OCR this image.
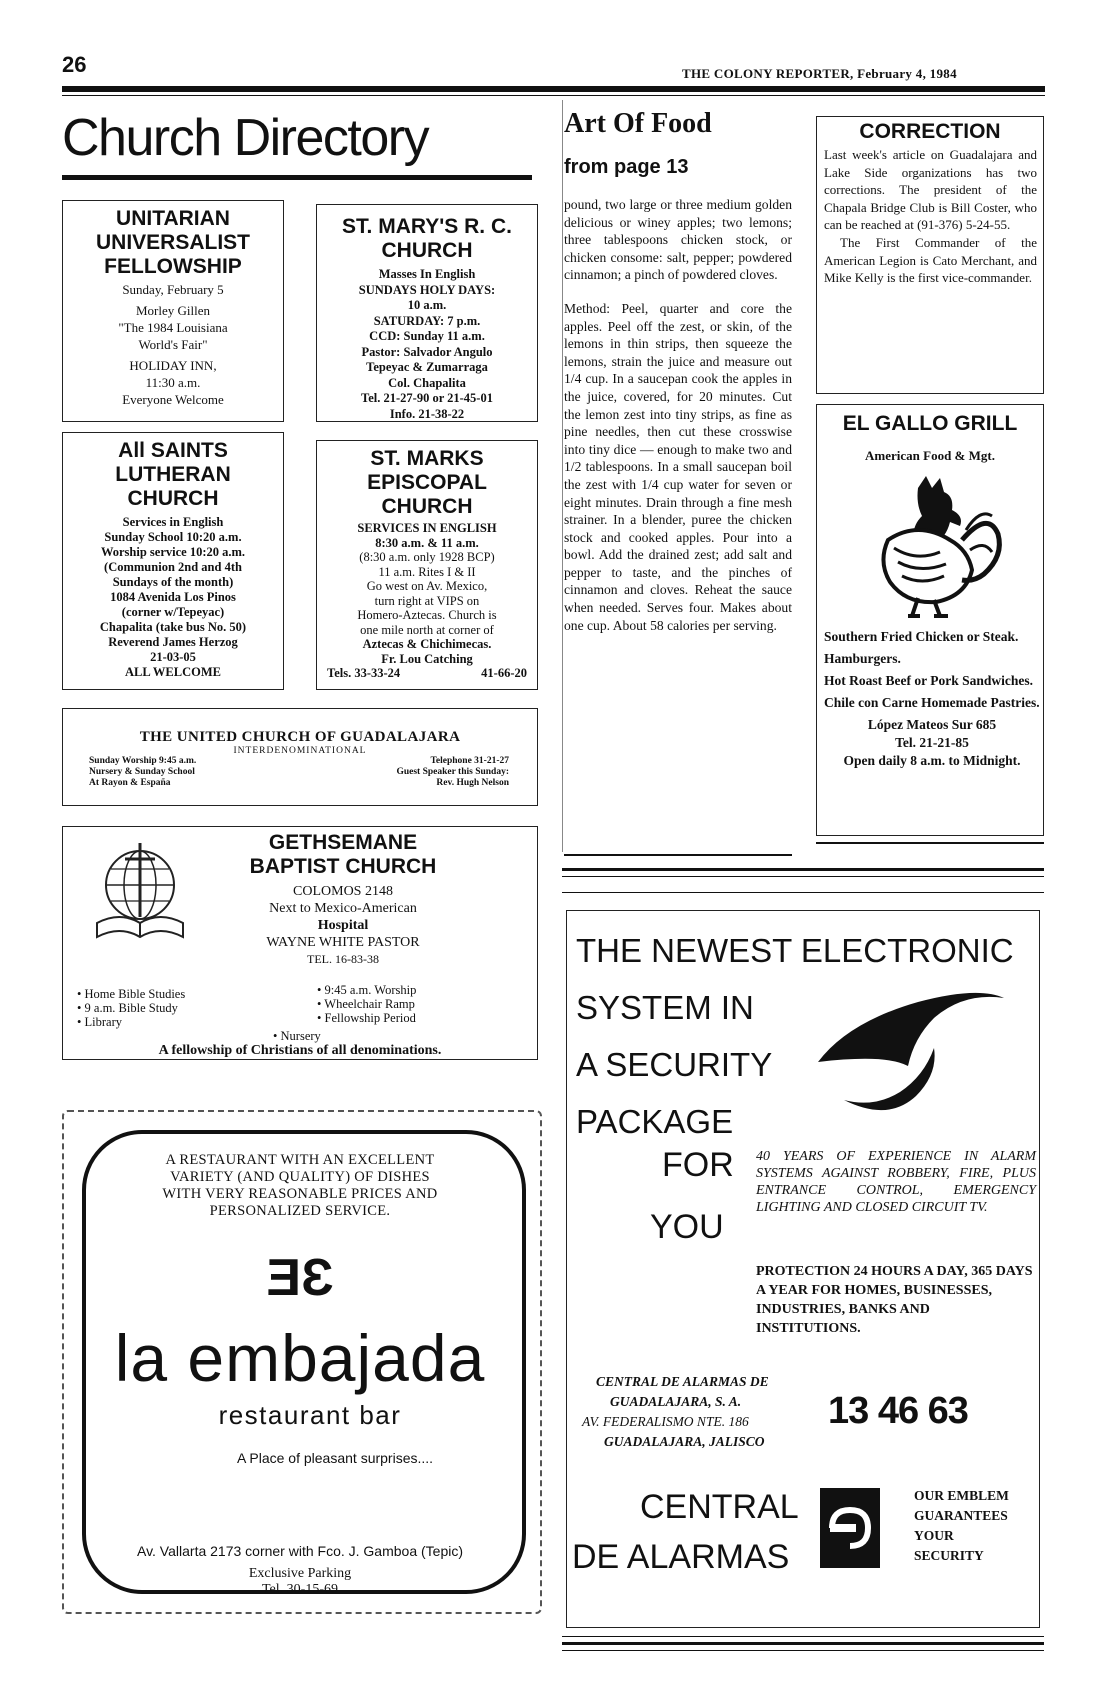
26	THE COLONY REPORTER, February 4, 1984
Church Directory
UNITARIAN
UNIVERSALIST
FELLOWSHIP
Sunday, February 5
Morley Gillen
"The 1984 Louisiana
World's Fair"
HOLIDAY INN,
11:30 a.m.
Everyone Welcome
ST. MARY'S R. C.
CHURCH
Masses In English
SUNDAYS HOLY DAYS:
10 a.m.
SATURDAY: 7 p.m.
CCD: Sunday 11 a.m.
Pastor: Salvador Angulo
Tepeyac & Zumarraga
Col. Chapalita
Tel. 21-27-90 or 21-45-01
Info. 21-38-22
All SAINTS
LUTHERAN
CHURCH
Services in English
Sunday School 10:20 a.m.
Worship service 10:20 a.m.
(Communion 2nd and 4th
Sundays of the month)
1084 Avenida Los Pinos
(corner w/Tepeyac)
Chapalita (take bus No. 50)
Reverend James Herzog
21-03-05
ALL WELCOME
ST. MARKS
EPISCOPAL
CHURCH
SERVICES IN ENGLISH
8:30 a.m. & 11 a.m.
(8:30 a.m. only 1928 BCP)
11 a.m. Rites I & II
Go west on Av. Mexico,
turn right at VIPS on
Homero-Aztecas. Church is
one mile north at corner of
Aztecas & Chichimecas.
Fr. Lou Catching
Tels. 33-33-24	41-66-20
THE UNITED CHURCH OF GUADALAJARA
INTERDENOMINATIONAL
Sunday Worship 9:45 a.m.
Nursery & Sunday School
At Rayon & España
Telephone 31-21-27
Guest Speaker this Sunday:
Rev. Hugh Nelson
GETHSEMANE
BAPTIST CHURCH
COLOMOS 2148
Next to Mexico-American
Hospital
WAYNE WHITE PASTOR
TEL. 16-83-38
• Home Bible Studies
• 9 a.m. Bible Study
• Library
• 9:45 a.m. Worship
• Wheelchair Ramp
• Fellowship Period
• Nursery
A fellowship of Christians of all denominations.
A RESTAURANT WITH AN EXCELLENT
VARIETY (AND QUALITY) OF DISHES
WITH VERY REASONABLE PRICES AND
PERSONALIZED SERVICE.
ƎƐ
la embajada
restaurant bar
A Place of pleasant surprises....
Av. Vallarta 2173 corner with Fco. J. Gamboa (Tepic)
Exclusive Parking
Tel. 30-15-69
Art Of Food
from page 13

pound, two large or three medium golden delicious or winey apples; two lemons; three tablespoons chicken stock, or chicken consome: salt, pepper; powdered cinnamon; a pinch of powdered cloves.

Method: Peel, quarter and core the apples. Peel off the zest, or skin, of the lemons in thin strips, then squeeze the lemons, strain the juice and measure out 1/4 cup. In a saucepan cook the apples in the juice, covered, for 20 minutes. Cut the lemon zest into tiny strips, as fine as pine needles, then cut these crosswise into tiny dice — enough to make two and 1/2 tablespoons. In a small saucepan boil the zest with 1/4 cup water for seven or eight minutes. Drain through a fine mesh strainer. In a blender, puree the chicken stock and cooked apples. Pour into a bowl. Add the drained zest; add salt and pepper to taste, and the pinches of cinnamon and cloves. Reheat the sauce when needed. Serves four. Makes about one cup. About 58 calories per serving.

CORRECTION

Last week's article on Guadalajara and Lake Side organizations has two corrections. The president of the Chapala Bridge Club is Bill Coster, who can be reached at (91-376) 5-24-55.

The First Commander of the American Legion is Cato Merchant, and Mike Kelly is the first vice-commander.

EL GALLO GRILL
American Food & Mgt.
Southern Fried Chicken or Steak.
Hamburgers.
Hot Roast Beef or Pork Sandwiches.
Chile con Carne Homemade Pastries.
López Mateos Sur 685
Tel. 21-21-85
Open daily 8 a.m. to Midnight.
THE NEWEST ELECTRONIC
SYSTEM IN
A SECURITY
PACKAGE
FOR
YOU
40 YEARS OF EXPERIENCE IN ALARM SYSTEMS AGAINST ROBBERY, FIRE, PLUS ENTRANCE CONTROL, EMERGENCY LIGHTING AND CLOSED CIRCUIT TV.
PROTECTION 24 HOURS A DAY, 365 DAYS A YEAR FOR HOMES, BUSINESSES, INDUSTRIES, BANKS AND INSTITUTIONS.
CENTRAL DE ALARMAS DE
GUADALAJARA, S. A.
AV. FEDERALISMO NTE. 186
GUADALAJARA, JALISCO
13 46 63
CENTRAL
DE ALARMAS
OUR EMBLEM
GUARANTEES
YOUR
SECURITY
